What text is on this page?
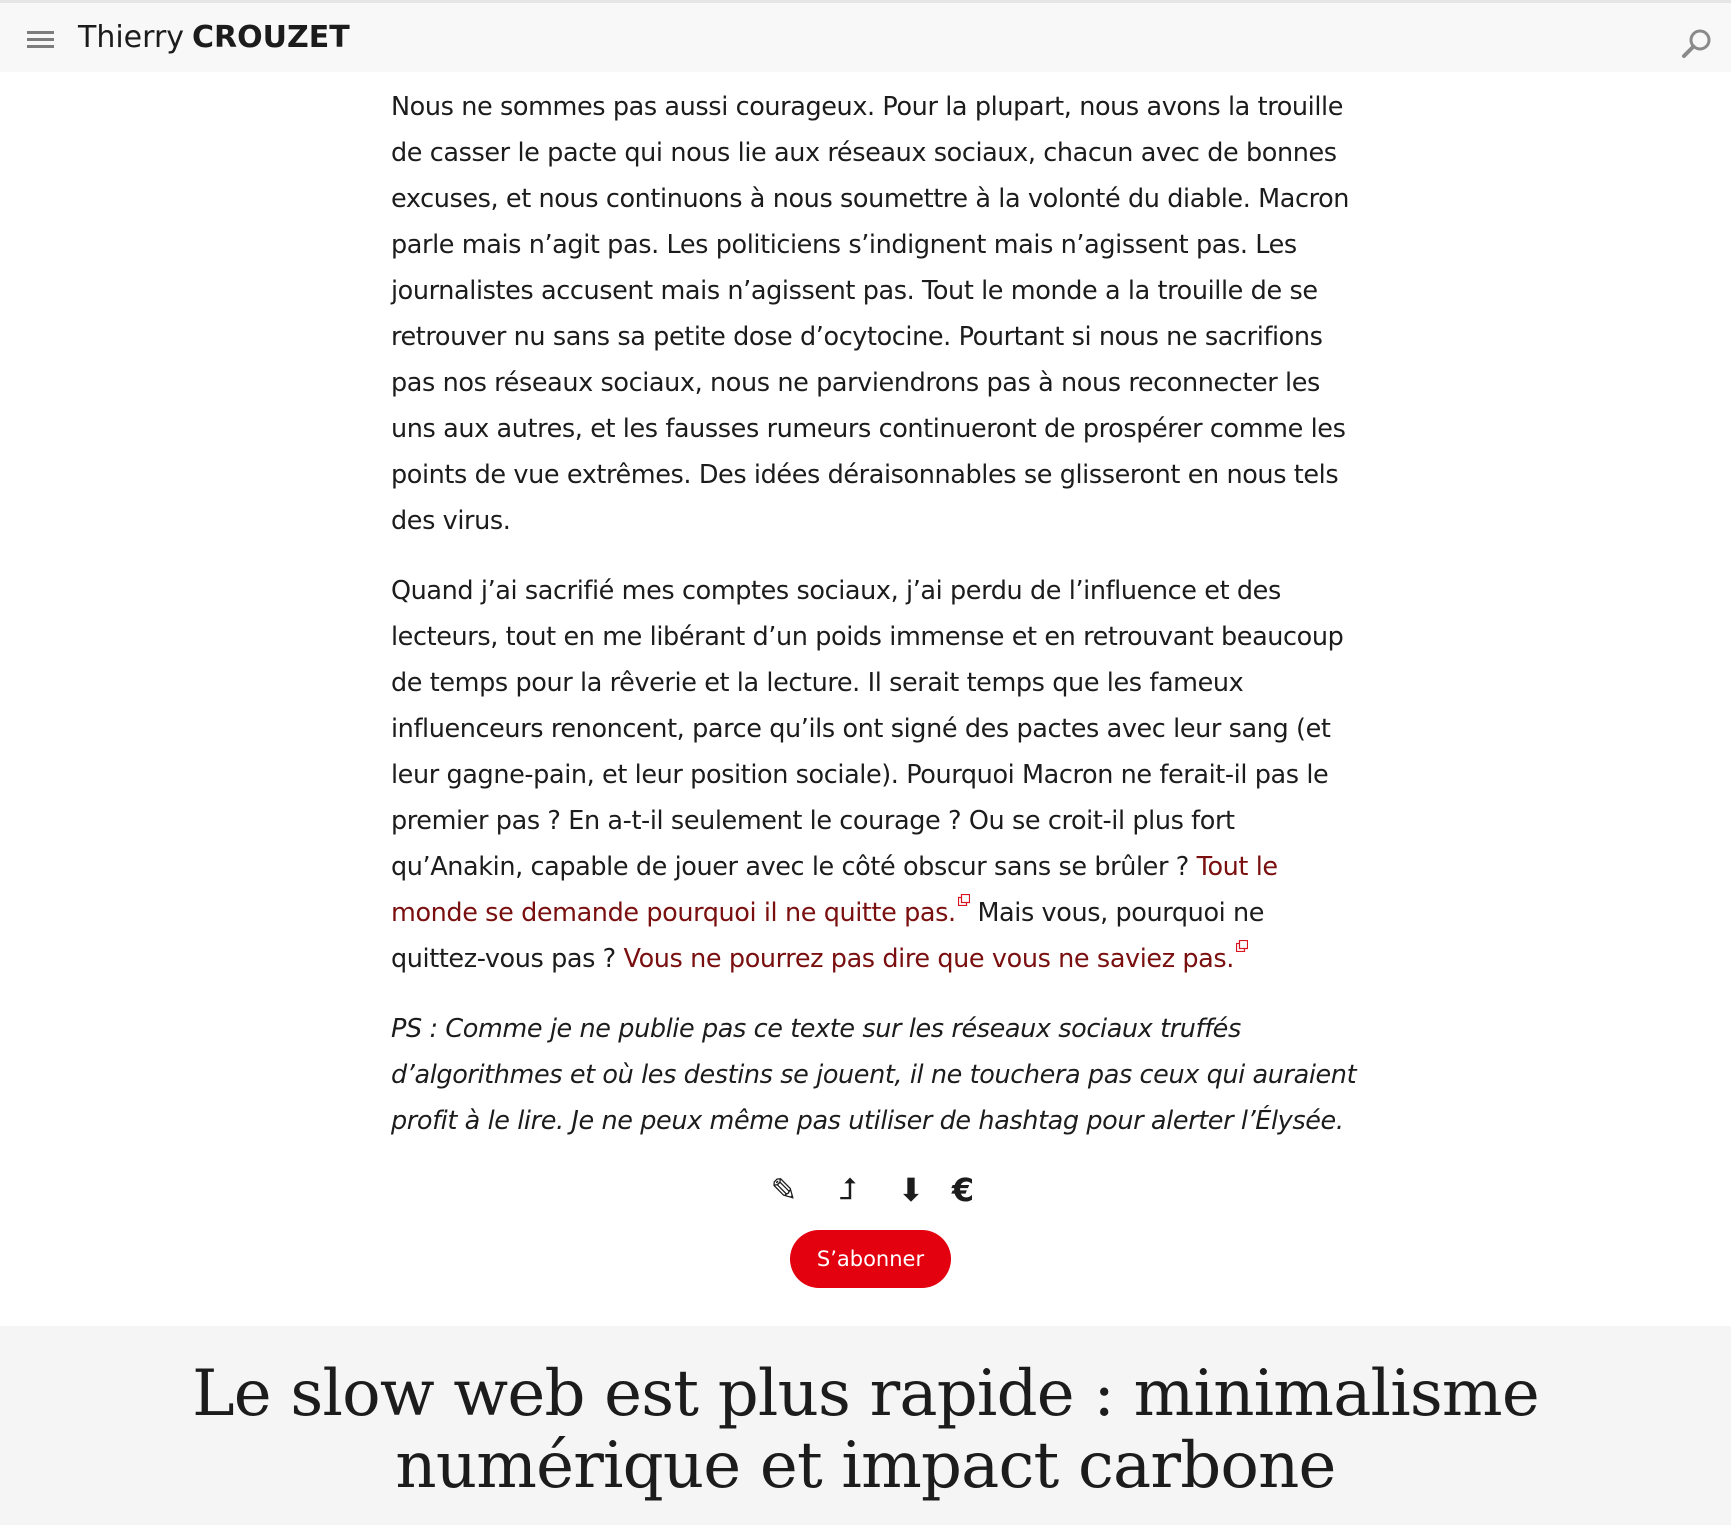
Thierry CROUZET

Nous ne sommes pas aussi courageux. Pour la plupart, nous avons la trouille de casser le pacte qui nous lie aux réseaux sociaux, chacun avec de bonnes excuses, et nous continuons à nous soumettre à la volonté du diable. Macron parle mais n’agit pas. Les politiciens s’indignent mais n’agissent pas. Les journalistes accusent mais n’agissent pas. Tout le monde a la trouille de se retrouver nu sans sa petite dose d’ocytocine. Pourtant si nous ne sacrifions pas nos réseaux sociaux, nous ne parviendrons pas à nous reconnecter les uns aux autres, et les fausses rumeurs continueront de prospérer comme les points de vue extrêmes. Des idées déraisonnables se glisseront en nous tels des virus.

Quand j’ai sacrifié mes comptes sociaux, j’ai perdu de l’influence et des lecteurs, tout en me libérant d’un poids immense et en retrouvant beaucoup de temps pour la rêverie et la lecture. Il serait temps que les fameux influenceurs renoncent, parce qu’ils ont signé des pactes avec leur sang (et leur gagne-pain, et leur position sociale). Pourquoi Macron ne ferait-il pas le premier pas ? En a-t-il seulement le courage ? Ou se croit-il plus fort qu’Anakin, capable de jouer avec le côté obscur sans se brûler ? Tout le monde se demande pourquoi il ne quitte pas. Mais vous, pourquoi ne quittez-vous pas ? Vous ne pourrez pas dire que vous ne saviez pas.

PS : Comme je ne publie pas ce texte sur les réseaux sociaux truffés d’algorithmes et où les destins se jouent, il ne touchera pas ceux qui auraient profit à le lire. Je ne peux même pas utiliser de hashtag pour alerter l’Élysée.

✎	⮥	⬇ €
S’abonner
Le slow web est plus rapide : minimalisme numérique et impact carbone
